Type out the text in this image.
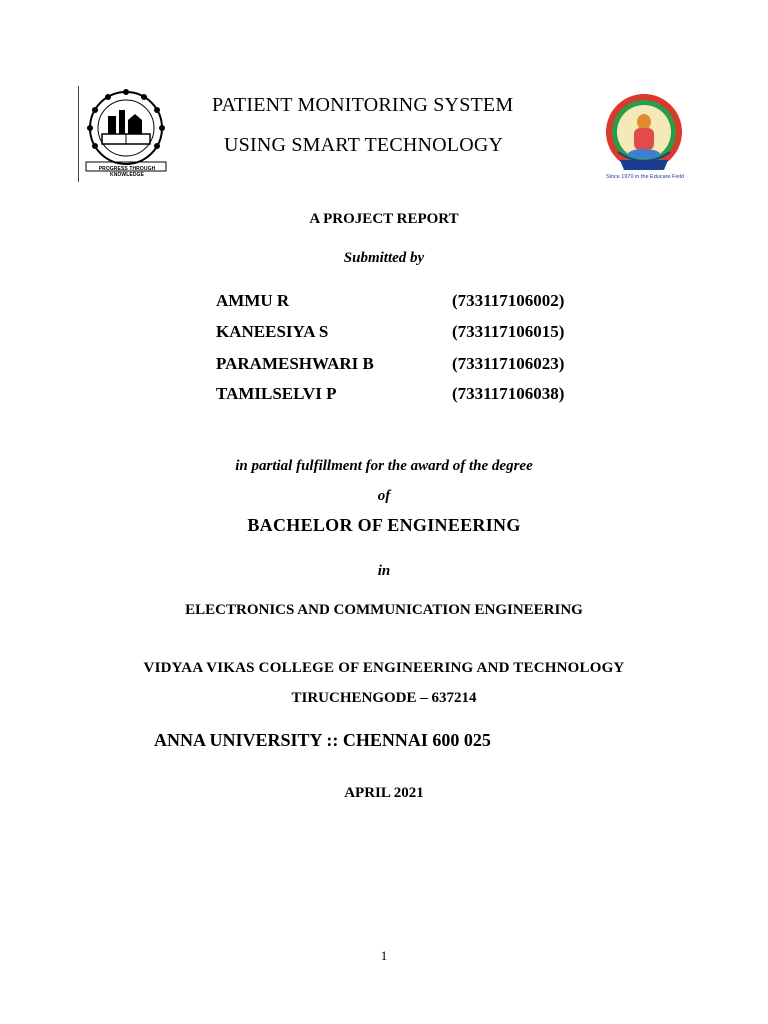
PROGRESS THROUGH KNOWLEDGE	Since 1970 in the Educare Field
PATIENT MONITORING SYSTEM
USING SMART TECHNOLOGY
A PROJECT REPORT
Submitted by
AMMU R	(733117106002)
KANEESIYA S	(733117106015)
PARAMESHWARI B	(733117106023)
TAMILSELVI P	(733117106038)
in partial fulfillment for the award of the degree
of
BACHELOR OF ENGINEERING
in
ELECTRONICS AND COMMUNICATION ENGINEERING
VIDYAA VIKAS COLLEGE OF ENGINEERING AND TECHNOLOGY
TIRUCHENGODE – 637214
ANNA UNIVERSITY :: CHENNAI 600 025
APRIL 2021
1
